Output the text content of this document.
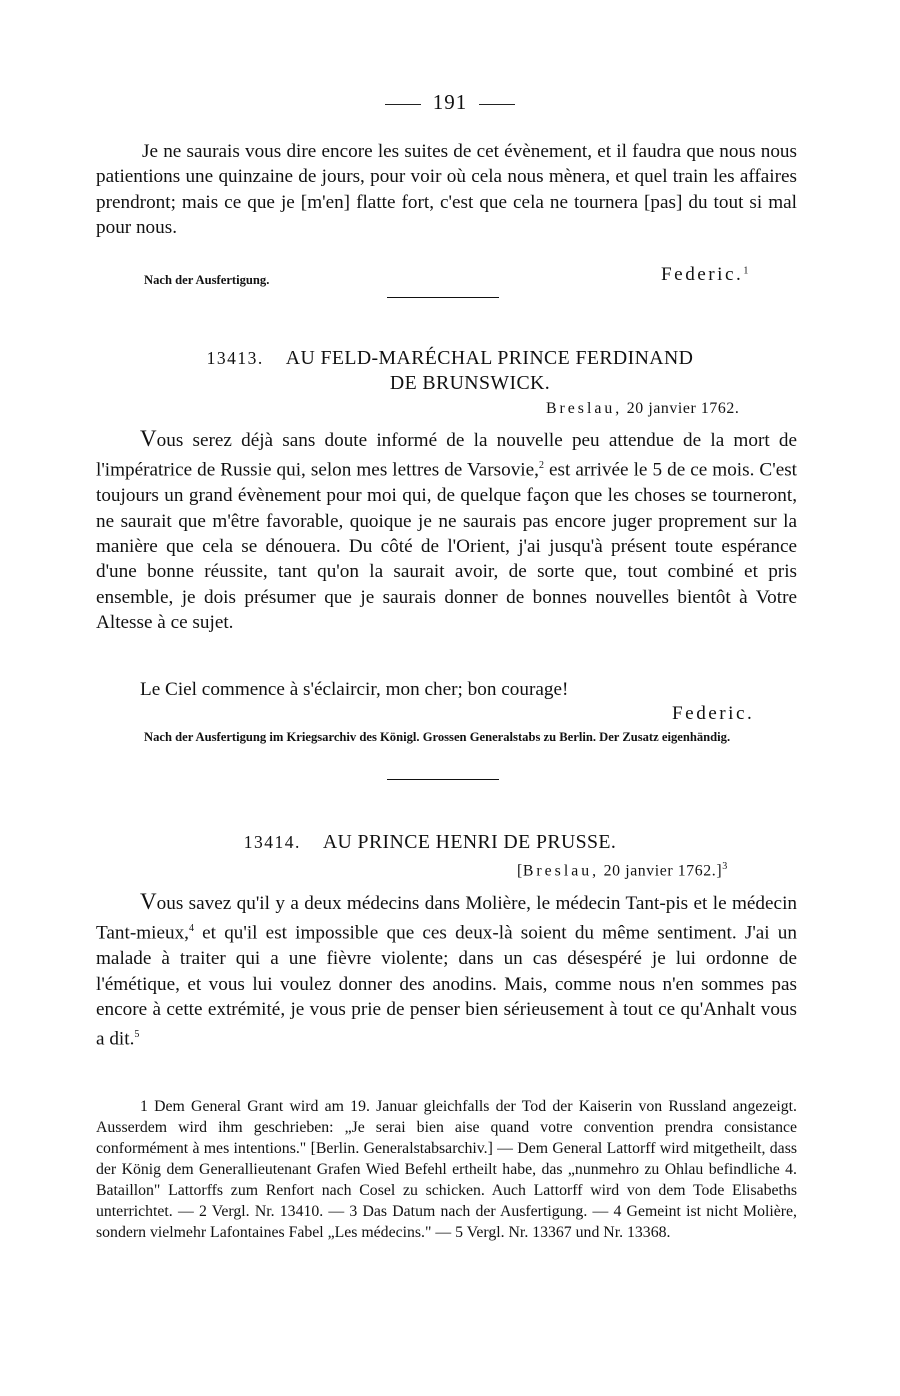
191

Je ne saurais vous dire encore les suites de cet évènement, et il faudra que nous nous patientions une quinzaine de jours, pour voir où cela nous mènera, et quel train les affaires prendront; mais ce que je [m'en] flatte fort, c'est que cela ne tournera [pas] du tout si mal pour nous.

Nach der Ausfertigung.	Federic.$^1$
13413. AU FELD-MARÉCHAL PRINCE FERDINAND
DE BRUNSWICK.
Breslau, 20 janvier 1762.

Vous serez déjà sans doute informé de la nouvelle peu attendue de la mort de l'impératrice de Russie qui, selon mes lettres de Varsovie,$^2$ est arrivée le 5 de ce mois. C'est toujours un grand évènement pour moi qui, de quelque façon que les choses se tourneront, ne saurait que m'être favorable, quoique je ne saurais pas encore juger proprement sur la manière que cela se dénouera. Du côté de l'Orient, j'ai jusqu'à présent toute espérance d'une bonne réussite, tant qu'on la saurait avoir, de sorte que, tout combiné et pris ensemble, je dois présumer que je saurais donner de bonnes nouvelles bientôt à Votre Altesse à ce sujet.

Le Ciel commence à s'éclaircir, mon cher; bon courage!

Federic.

Nach der Ausfertigung im Kriegsarchiv des Königl. Grossen Generalstabs zu Berlin. Der Zusatz eigenhändig.

13414. AU PRINCE HENRI DE PRUSSE.
[Breslau, 20 janvier 1762.]$^3$

Vous savez qu'il y a deux médecins dans Molière, le médecin Tant-pis et le médecin Tant-mieux,$^4$ et qu'il est impossible que ces deux-là soient du même sentiment. J'ai un malade à traiter qui a une fièvre violente; dans un cas désespéré je lui ordonne de l'émétique, et vous lui voulez donner des anodins. Mais, comme nous n'en sommes pas encore à cette extrémité, je vous prie de penser bien sérieusement à tout ce qu'Anhalt vous a dit.$^5$

1 Dem General Grant wird am 19. Januar gleichfalls der Tod der Kaiserin von Russland angezeigt. Ausserdem wird ihm geschrieben: „Je serai bien aise quand votre convention prendra consistance conformément à mes intentions." [Berlin. Generalstabsarchiv.] — Dem General Lattorff wird mitgetheilt, dass der König dem Generallieutenant Grafen Wied Befehl ertheilt habe, das „nunmehro zu Ohlau befindliche 4. Bataillon" Lattorffs zum Renfort nach Cosel zu schicken. Auch Lattorff wird von dem Tode Elisabeths unterrichtet. — 2 Vergl. Nr. 13410. — 3 Das Datum nach der Ausfertigung. — 4 Gemeint ist nicht Molière, sondern vielmehr Lafontaines Fabel „Les médecins." — 5 Vergl. Nr. 13367 und Nr. 13368.
